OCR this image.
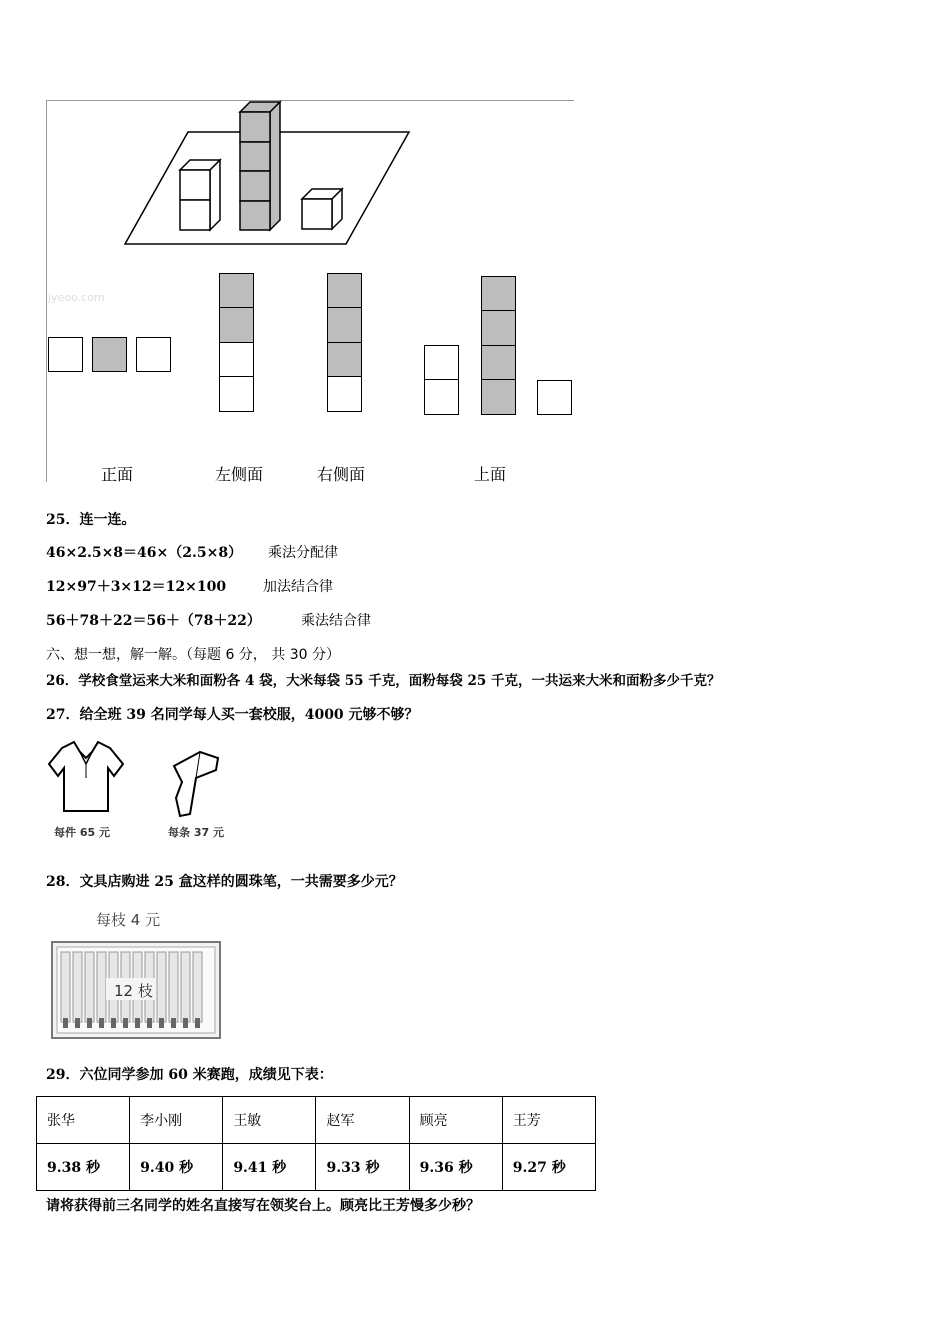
jyeoo.com
正面	左侧面	右侧面	上面
25．连一连。
46×2.5×8＝46×（2.5×8） 乘法分配律
12×97＋3×12＝12×100	加法结合律
56＋78＋22＝56＋（78＋22）	乘法结合律
六、想一想，解一解。（每题 6 分， 共 30 分）
26．学校食堂运来大米和面粉各 4 袋，大米每袋 55 千克，面粉每袋 25 千克，一共运来大米和面粉多少千克？
27．给全班 39 名同学每人买一套校服，4000 元够不够？
每件 65 元	每条 37 元
28．文具店购进 25 盒这样的圆珠笔，一共需要多少元？
每枝 4 元
12 枝
29．六位同学参加 60 米赛跑，成绩见下表：
张华	李小刚	王敏	赵军	顾亮	王芳
9.38 秒	9.40 秒	9.41 秒	9.33 秒	9.36 秒	9.27 秒
请将获得前三名同学的姓名直接写在领奖台上。顾亮比王芳慢多少秒？
